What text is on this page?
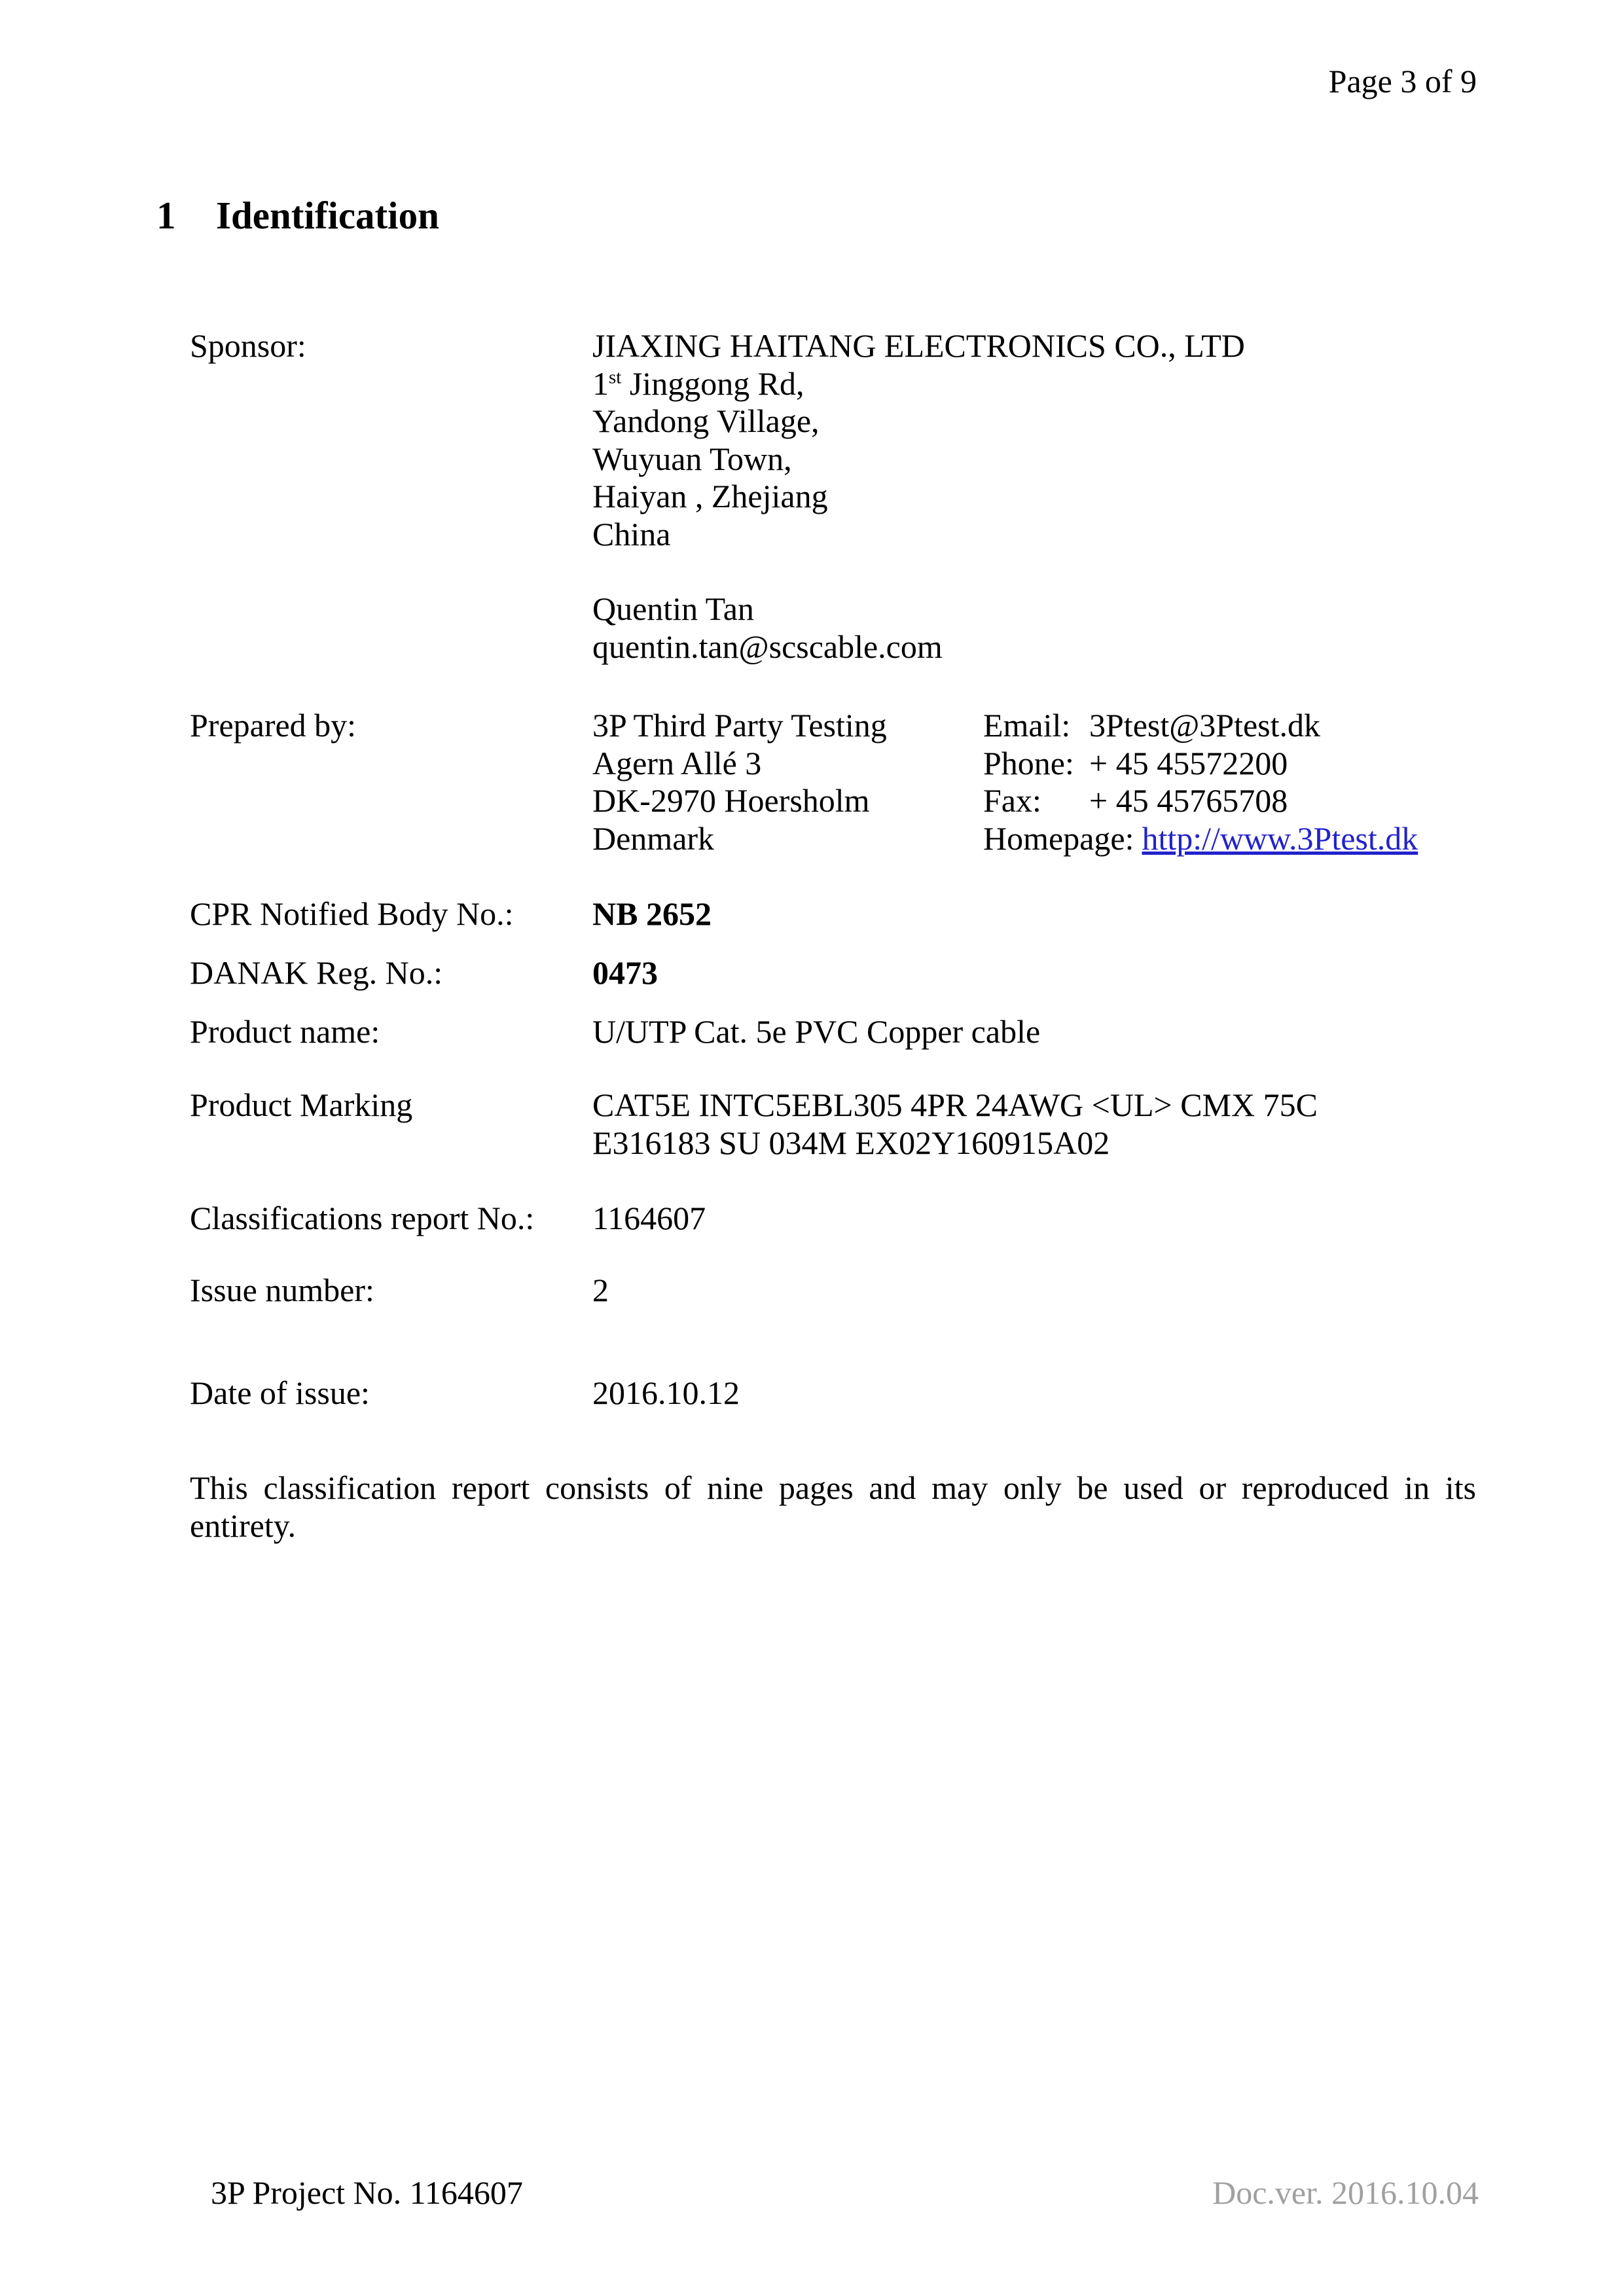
Page 3 of 9
1	Identification
Sponsor:	JIAXING HAITANG ELECTRONICS CO., LTD
1st Jinggong Rd,
Yandong Village,
Wuyuan Town,
Haiyan , Zhejiang
China
Quentin Tan
quentin.tan@scscable.com
Prepared by:	3P Third Party Testing
Agern Allé 3
DK-2970 Hoersholm
Denmark
Email: 3Ptest@3Ptest.dk
Phone: + 45 45572200
Fax:	+ 45 45765708
Homepage: http://www.3Ptest.dk
CPR Notified Body No.:	NB 2652
DANAK Reg. No.:	0473
Product name:	U/UTP Cat. 5e PVC Copper cable
Product Marking	CAT5E INTC5EBL305 4PR 24AWG <UL> CMX 75C
E316183 SU 034M EX02Y160915A02
Classifications report No.:	1164607
Issue number:	2
Date of issue:	2016.10.12
This classification report consists of nine pages and may only be used or reproduced in its
entirety.
3P Project No. 1164607	Doc.ver. 2016.10.04
